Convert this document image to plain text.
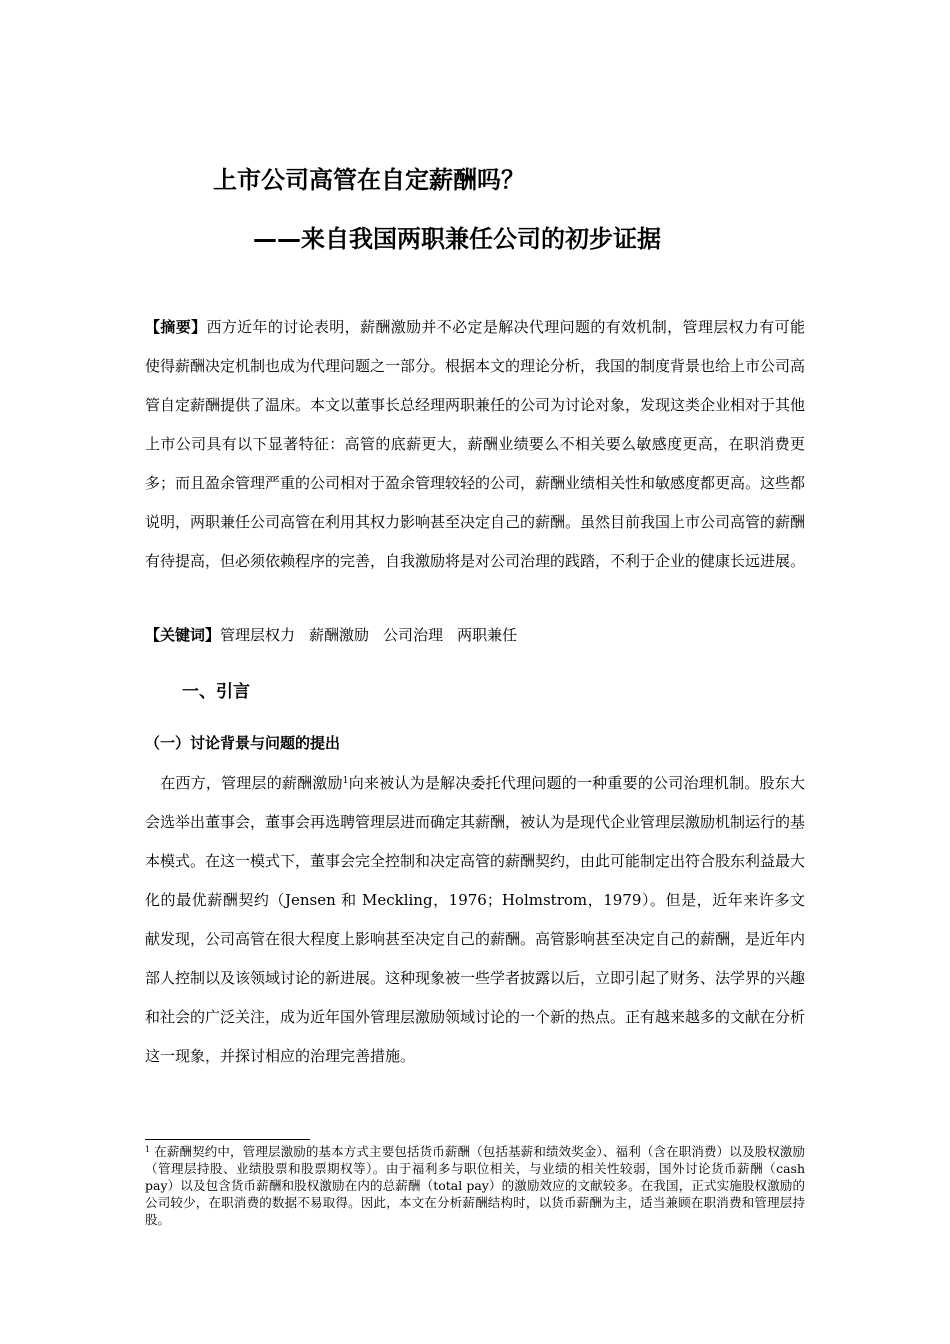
上市公司高管在自定薪酬吗？
——来自我国两职兼任公司的初步证据

【摘要】西方近年的讨论表明，薪酬激励并不必定是解决代理问题的有效机制，管理层权力有可能使得薪酬决定机制也成为代理问题之一部分。根据本文的理论分析，我国的制度背景也给上市公司高管自定薪酬提供了温床。本文以董事长总经理两职兼任的公司为讨论对象，发现这类企业相对于其他上市公司具有以下显著特征：高管的底薪更大，薪酬业绩要么不相关要么敏感度更高，在职消费更多；而且盈余管理严重的公司相对于盈余管理较轻的公司，薪酬业绩相关性和敏感度都更高。这些都说明，两职兼任公司高管在利用其权力影响甚至决定自己的薪酬。虽然目前我国上市公司高管的薪酬有待提高，但必须依赖程序的完善，自我激励将是对公司治理的践踏，不利于企业的健康长远进展。

【关键词】管理层权力 薪酬激励 公司治理 两职兼任

一、引言
（一）讨论背景与问题的提出

 在西方，管理层的薪酬激励$^1$向来被认为是解决委托代理问题的一种重要的公司治理机制。股东大会选举出董事会，董事会再选聘管理层进而确定其薪酬，被认为是现代企业管理层激励机制运行的基本模式。在这一模式下，董事会完全控制和决定高管的薪酬契约，由此可能制定出符合股东利益最大化的最优薪酬契约（Jensen 和 Meckling，1976；Holmstrom，1979）。但是，近年来许多文献发现，公司高管在很大程度上影响甚至决定自己的薪酬。高管影响甚至决定自己的薪酬，是近年内部人控制以及该领域讨论的新进展。这种现象被一些学者披露以后，立即引起了财务、法学界的兴趣和社会的广泛关注，成为近年国外管理层激励领域讨论的一个新的热点。正有越来越多的文献在分析这一现象，并探讨相应的治理完善措施。

$^1$ 在薪酬契约中，管理层激励的基本方式主要包括货币薪酬（包括基薪和绩效奖金）、福利（含在职消费）以及股权激励（管理层持股、业绩股票和股票期权等）。由于福利多与职位相关，与业绩的相关性较弱，国外讨论货币薪酬（cash pay）以及包含货币薪酬和股权激励在内的总薪酬（total pay）的激励效应的文献较多。在我国，正式实施股权激励的公司较少，在职消费的数据不易取得。因此，本文在分析薪酬结构时，以货币薪酬为主，适当兼顾在职消费和管理层持股。
